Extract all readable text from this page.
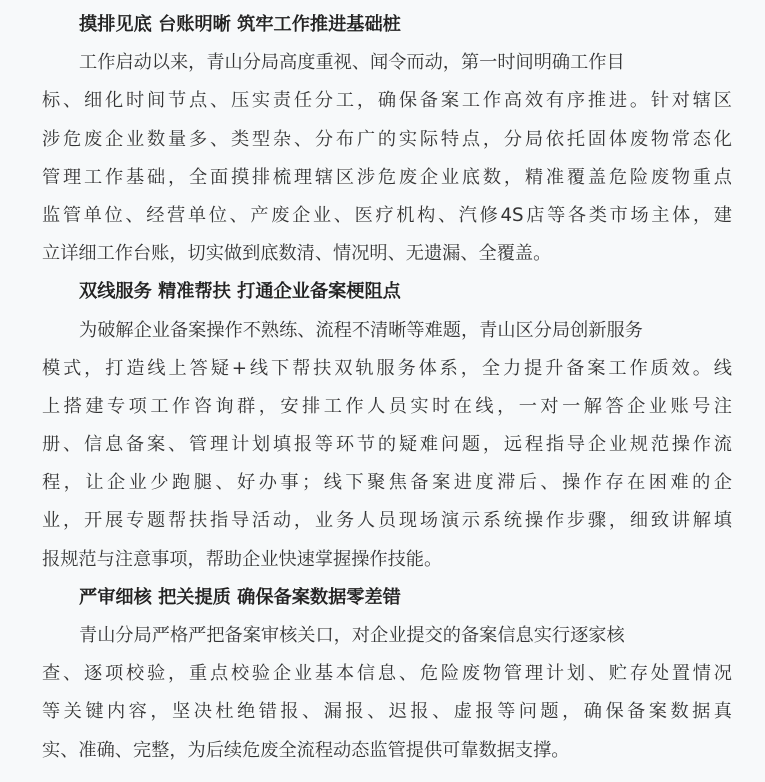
摸排见底 台账明晰 筑牢工作推进基础桩
工作启动以来，青山分局高度重视、闻令而动，第一时间明确工作目
标、细化时间节点、压实责任分工，确保备案工作高效有序推进。针对辖区
涉危废企业数量多、类型杂、分布广的实际特点，分局依托固体废物常态化
管理工作基础，全面摸排梳理辖区涉危废企业底数，精准覆盖危险废物重点
监管单位、经营单位、产废企业、医疗机构、汽修4S店等各类市场主体，建
立详细工作台账，切实做到底数清、情况明、无遗漏、全覆盖。
双线服务 精准帮扶 打通企业备案梗阻点
为破解企业备案操作不熟练、流程不清晰等难题，青山区分局创新服务
模式，打造线上答疑+线下帮扶双轨服务体系，全力提升备案工作质效。线
上搭建专项工作咨询群，安排工作人员实时在线，一对一解答企业账号注
册、信息备案、管理计划填报等环节的疑难问题，远程指导企业规范操作流
程，让企业少跑腿、好办事；线下聚焦备案进度滞后、操作存在困难的企
业，开展专题帮扶指导活动，业务人员现场演示系统操作步骤，细致讲解填
报规范与注意事项，帮助企业快速掌握操作技能。
严审细核 把关提质 确保备案数据零差错
青山分局严格严把备案审核关口，对企业提交的备案信息实行逐家核
查、逐项校验，重点校验企业基本信息、危险废物管理计划、贮存处置情况
等关键内容，坚决杜绝错报、漏报、迟报、虚报等问题，确保备案数据真
实、准确、完整，为后续危废全流程动态监管提供可靠数据支撑。
